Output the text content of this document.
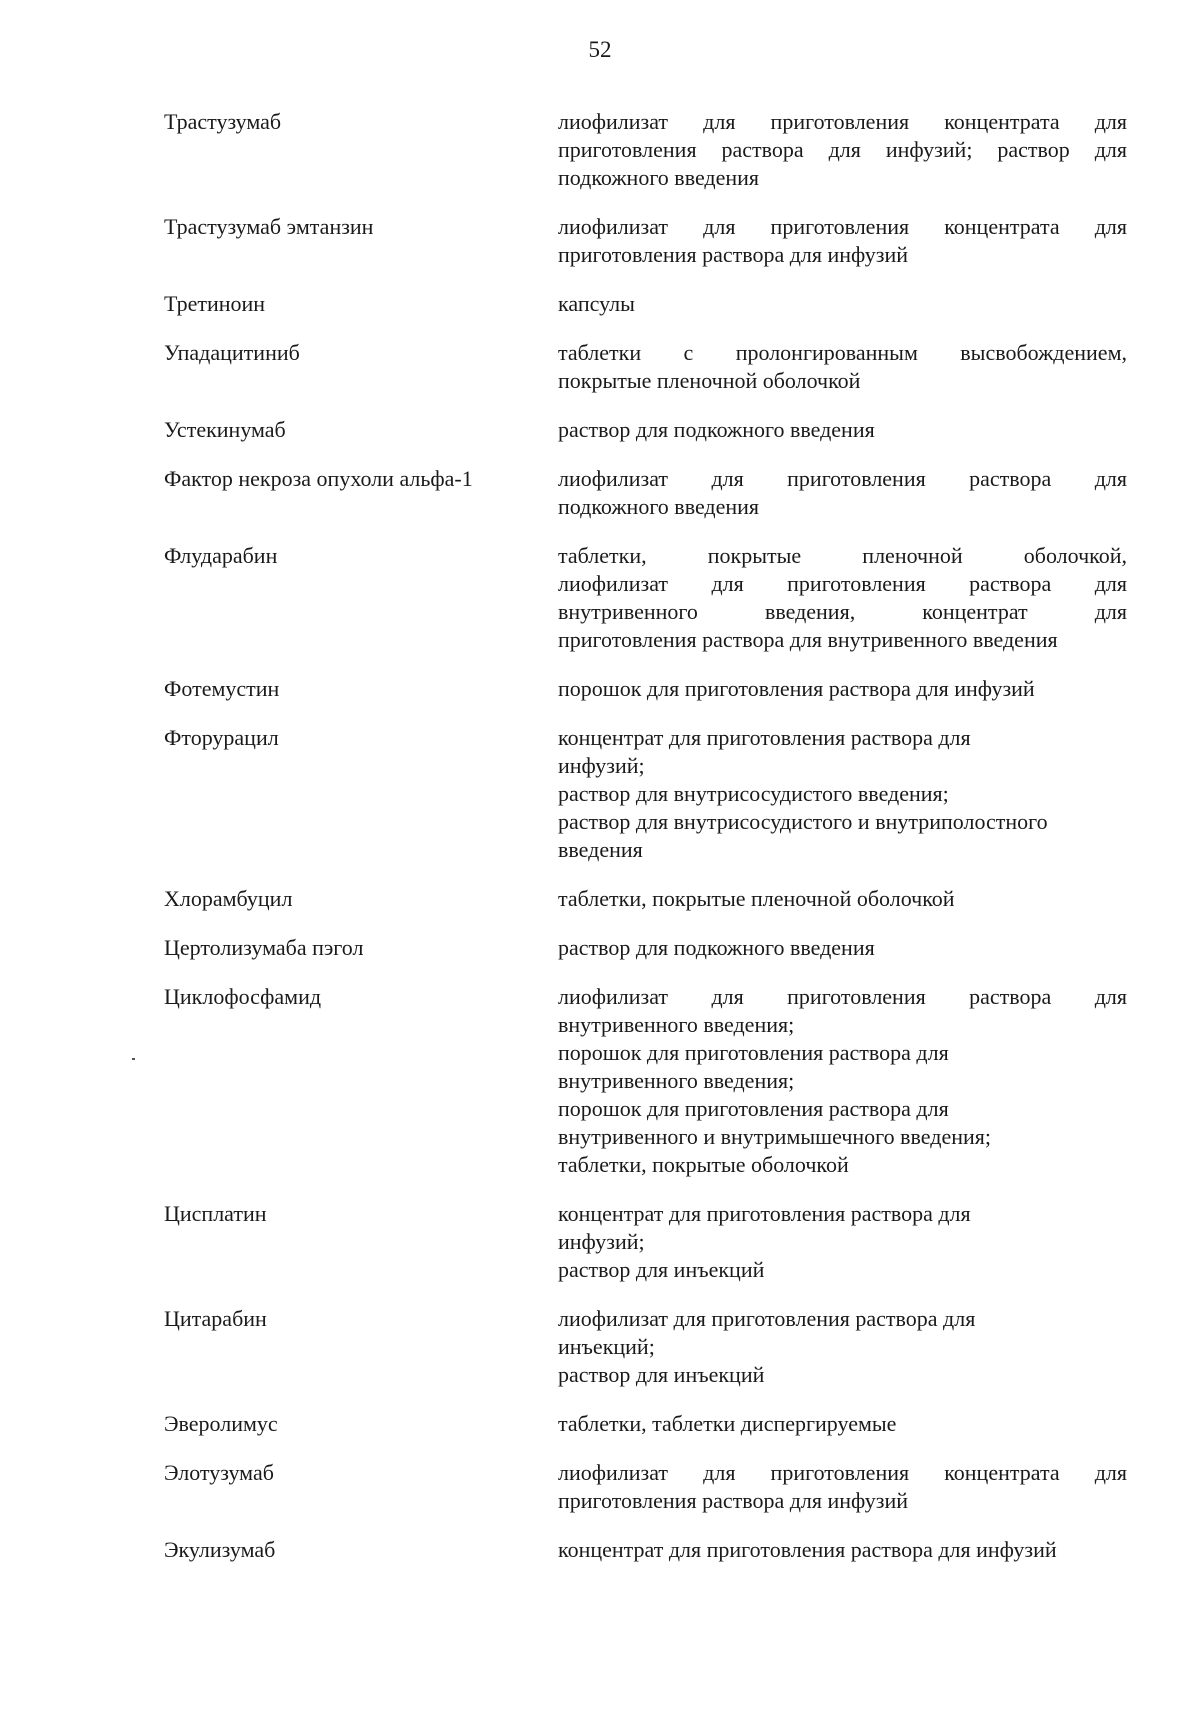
52
Трастузумаб	лиофилизат для приготовления концентрата для
приготовления раствора для инфузий; раствор для
подкожного введения
Трастузумаб эмтанзин	лиофилизат для приготовления концентрата для
приготовления раствора для инфузий
Третиноин	капсулы
Упадацитиниб	таблетки с пролонгированным высвобождением,
покрытые пленочной оболочкой
Устекинумаб	раствор для подкожного введения
Фактор некроза опухоли альфа-1	лиофилизат для приготовления раствора для
подкожного введения
Флударабин	таблетки, покрытые пленочной оболочкой,
лиофилизат для приготовления раствора для
внутривенного введения, концентрат для
приготовления раствора для внутривенного введения
Фотемустин	порошок для приготовления раствора для инфузий
Фторурацил	концентрат для приготовления раствора для
инфузий;
раствор для внутрисосудистого введения;
раствор для внутрисосудистого и внутриполостного
введения
Хлорамбуцил	таблетки, покрытые пленочной оболочкой
Цертолизумаба пэгол	раствор для подкожного введения
Циклофосфамид	лиофилизат для приготовления раствора для
внутривенного введения;
порошок для приготовления раствора для
внутривенного введения;
порошок для приготовления раствора для
внутривенного и внутримышечного введения;
таблетки, покрытые оболочкой
Цисплатин	концентрат для приготовления раствора для
инфузий;
раствор для инъекций
Цитарабин	лиофилизат для приготовления раствора для
инъекций;
раствор для инъекций
Эверолимус	таблетки, таблетки диспергируемые
Элотузумаб	лиофилизат для приготовления концентрата для
приготовления раствора для инфузий
Экулизумаб	концентрат для приготовления раствора для инфузий
